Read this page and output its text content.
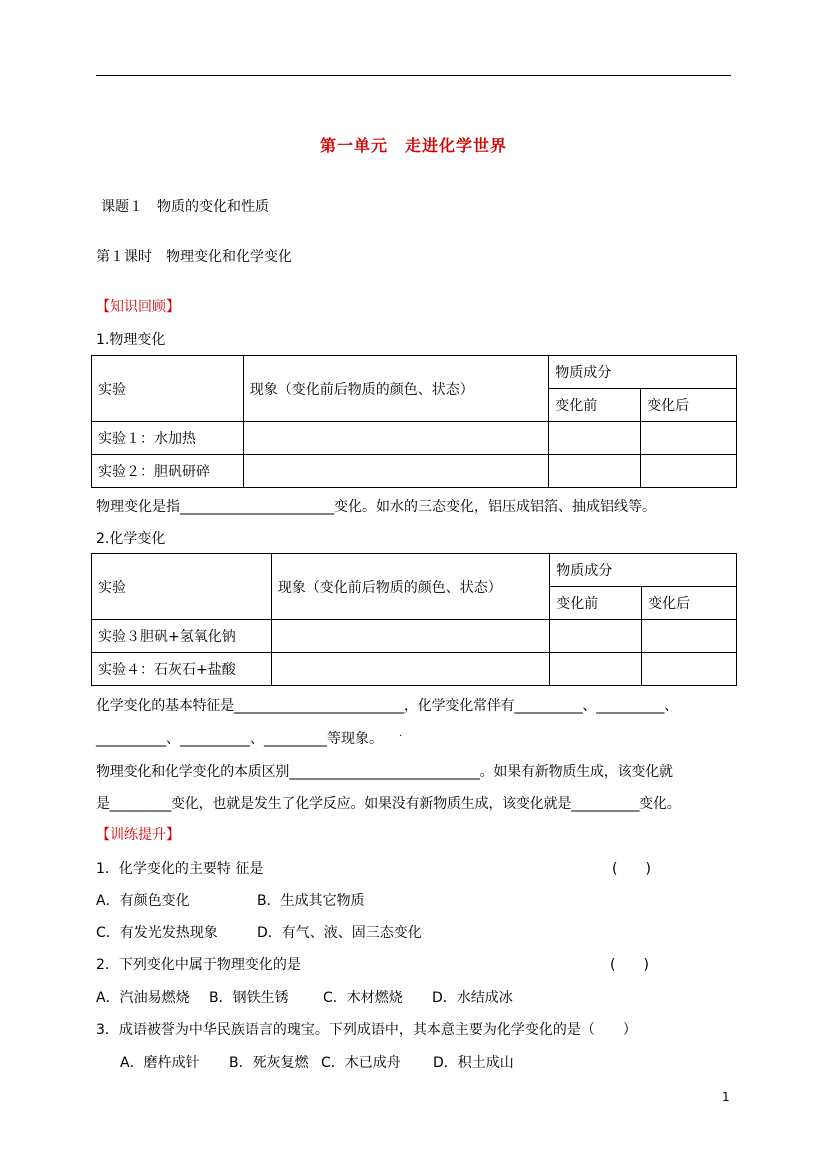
第一单元　走进化学世界
课题１　物质的变化和性质
第１课时　物理变化和化学变化
【知识回顾】
1.物理变化
实验	现象（变化前后物质的颜色、状态）	物质成分	
		变化前	变化后
实验１：水加热			
实验２：胆矾研碎			
物理变化是指______________________变化。如水的三态变化，铝压成铝箔、抽成铝线等。
2.化学变化
实验	现象（变化前后物质的颜色、状态）	物质成分	
		变化前	变化后
实验３胆矾+氢氧化钠			
实验４：石灰石+盐酸			
化学变化的基本特征是_________________________，化学变化常伴有__________、__________、
__________、__________、_________等现象。 .
物理变化和化学变化的本质区别____________________________。如果有新物质生成，该变化就
是_________变化，也就是发生了化学反应。如果没有新物质生成，该变化就是__________变化。
【训练提升】
1．化学变化的主要特 征是	(　　)
A．有颜色变化	B．生成其它物质
C．有发光发热现象	D．有气、液、固三态变化
2．下列变化中属于物理变化的是	(　　)
A．汽油易燃烧 B．钢铁生锈 C．木材燃烧 D．水结成冰
3．成语被誉为中华民族语言的瑰宝。下列成语中，其本意主要为化学变化的是（　　）
A．磨杵成针 B．死灰复燃 C．木已成舟 D．积土成山
1
